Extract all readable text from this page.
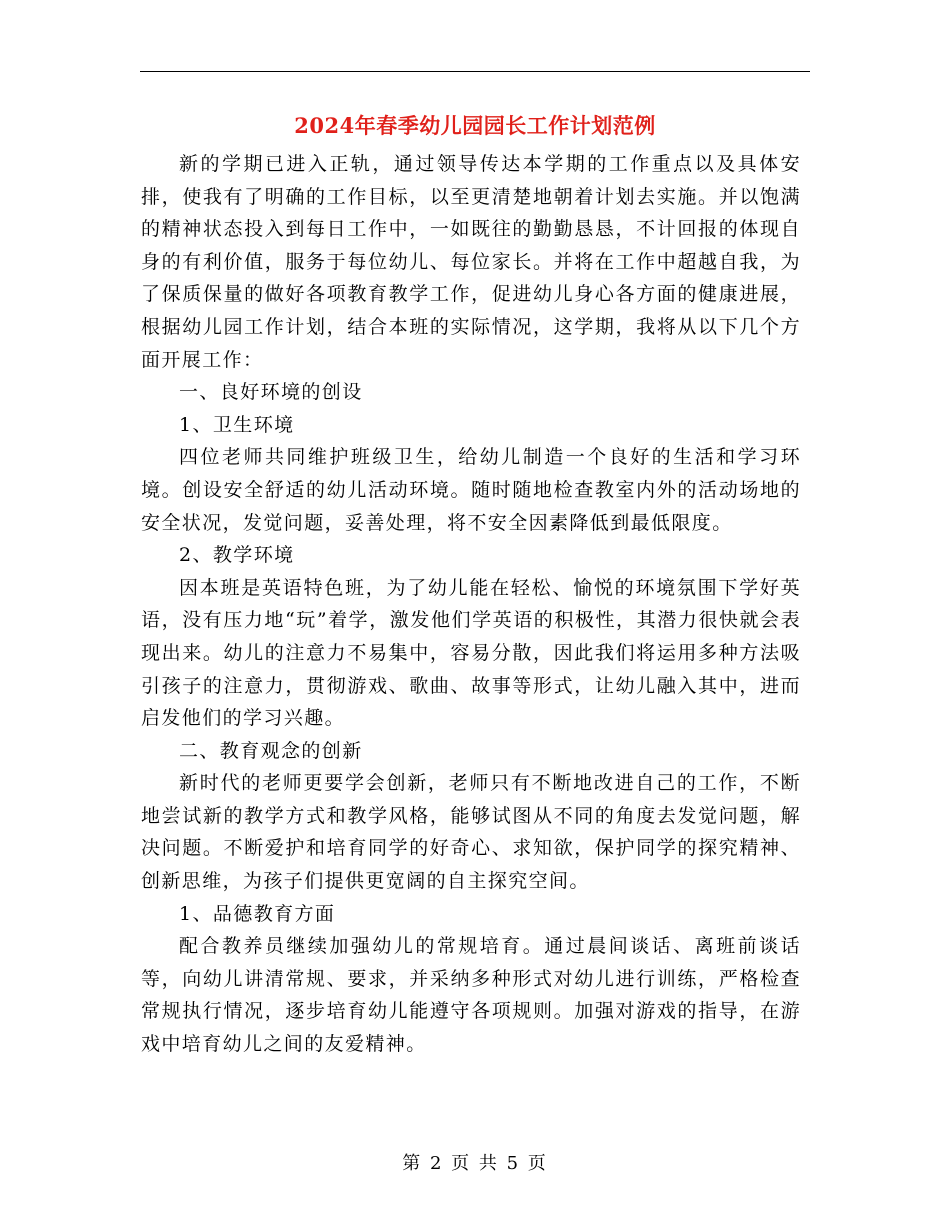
2024年春季幼儿园园长工作计划范例

新的学期已进入正轨，通过领导传达本学期的工作重点以及具体安排，使我有了明确的工作目标，以至更清楚地朝着计划去实施。并以饱满的精神状态投入到每日工作中，一如既往的勤勤恳恳，不计回报的体现自身的有利价值，服务于每位幼儿、每位家长。并将在工作中超越自我，为了保质保量的做好各项教育教学工作，促进幼儿身心各方面的健康进展，根据幼儿园工作计划，结合本班的实际情况，这学期，我将从以下几个方面开展工作：

一、良好环境的创设

1、卫生环境

四位老师共同维护班级卫生，给幼儿制造一个良好的生活和学习环境。创设安全舒适的幼儿活动环境。随时随地检查教室内外的活动场地的安全状况，发觉问题，妥善处理，将不安全因素降低到最低限度。

2、教学环境

因本班是英语特色班，为了幼儿能在轻松、愉悦的环境氛围下学好英语，没有压力地“玩”着学，激发他们学英语的积极性，其潜力很快就会表现出来。幼儿的注意力不易集中，容易分散，因此我们将运用多种方法吸引孩子的注意力，贯彻游戏、歌曲、故事等形式，让幼儿融入其中，进而启发他们的学习兴趣。

二、教育观念的创新

新时代的老师更要学会创新，老师只有不断地改进自己的工作，不断地尝试新的教学方式和教学风格，能够试图从不同的角度去发觉问题，解决问题。不断爱护和培育同学的好奇心、求知欲，保护同学的探究精神、创新思维，为孩子们提供更宽阔的自主探究空间。

1、品德教育方面

配合教养员继续加强幼儿的常规培育。通过晨间谈话、离班前谈话等，向幼儿讲清常规、要求，并采纳多种形式对幼儿进行训练，严格检查常规执行情况，逐步培育幼儿能遵守各项规则。加强对游戏的指导，在游戏中培育幼儿之间的友爱精神。

第 2 页 共 5 页
